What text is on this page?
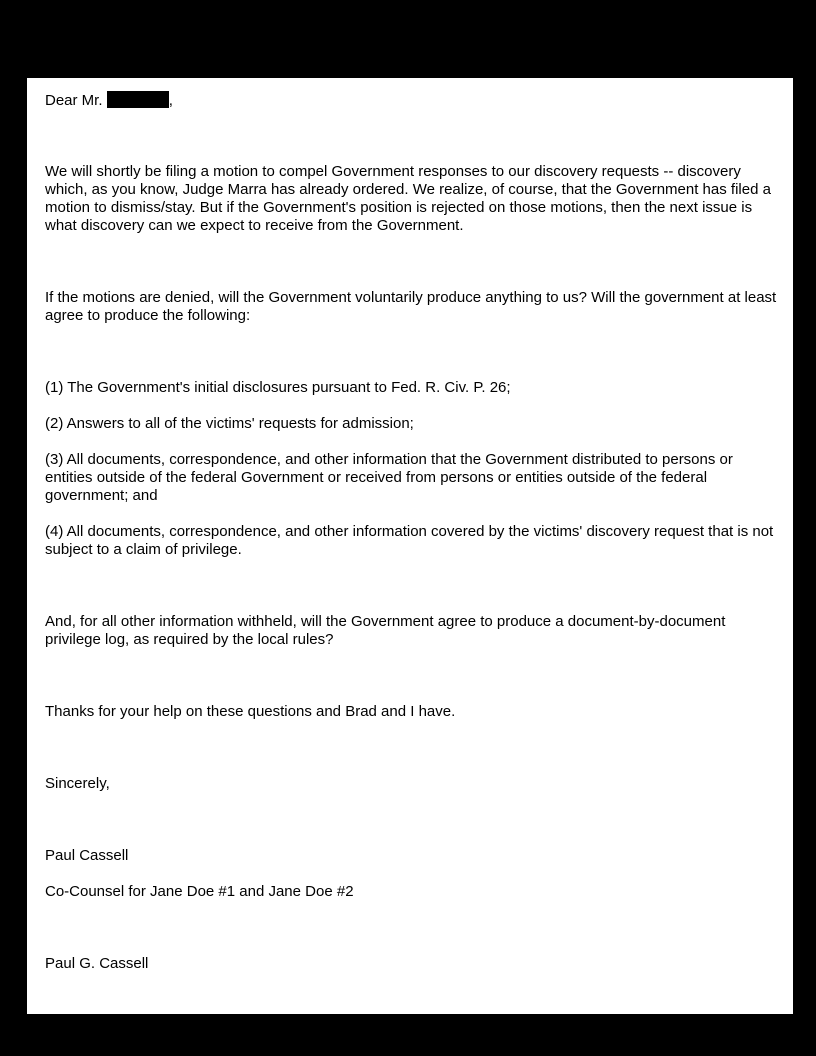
Dear Mr.	,

We will shortly be filing a motion to compel Government responses to our discovery requests -- discovery which, as you know, Judge Marra has already ordered. We realize, of course, that the Government has filed a motion to dismiss/stay. But if the Government's position is rejected on those motions, then the next issue is what discovery can we expect to receive from the Government.

If the motions are denied, will the Government voluntarily produce anything to us? Will the government at least agree to produce the following:

(1) The Government's initial disclosures pursuant to Fed. R. Civ. P. 26;

(2) Answers to all of the victims' requests for admission;

(3) All documents, correspondence, and other information that the Government distributed to persons or entities outside of the federal Government or received from persons or entities outside of the federal government; and

(4) All documents, correspondence, and other information covered by the victims' discovery request that is not subject to a claim of privilege.

And, for all other information withheld, will the Government agree to produce a document-by-document privilege log, as required by the local rules?

Thanks for your help on these questions and Brad and I have.

Sincerely,

Paul Cassell

Co-Counsel for Jane Doe #1 and Jane Doe #2

Paul G. Cassell
